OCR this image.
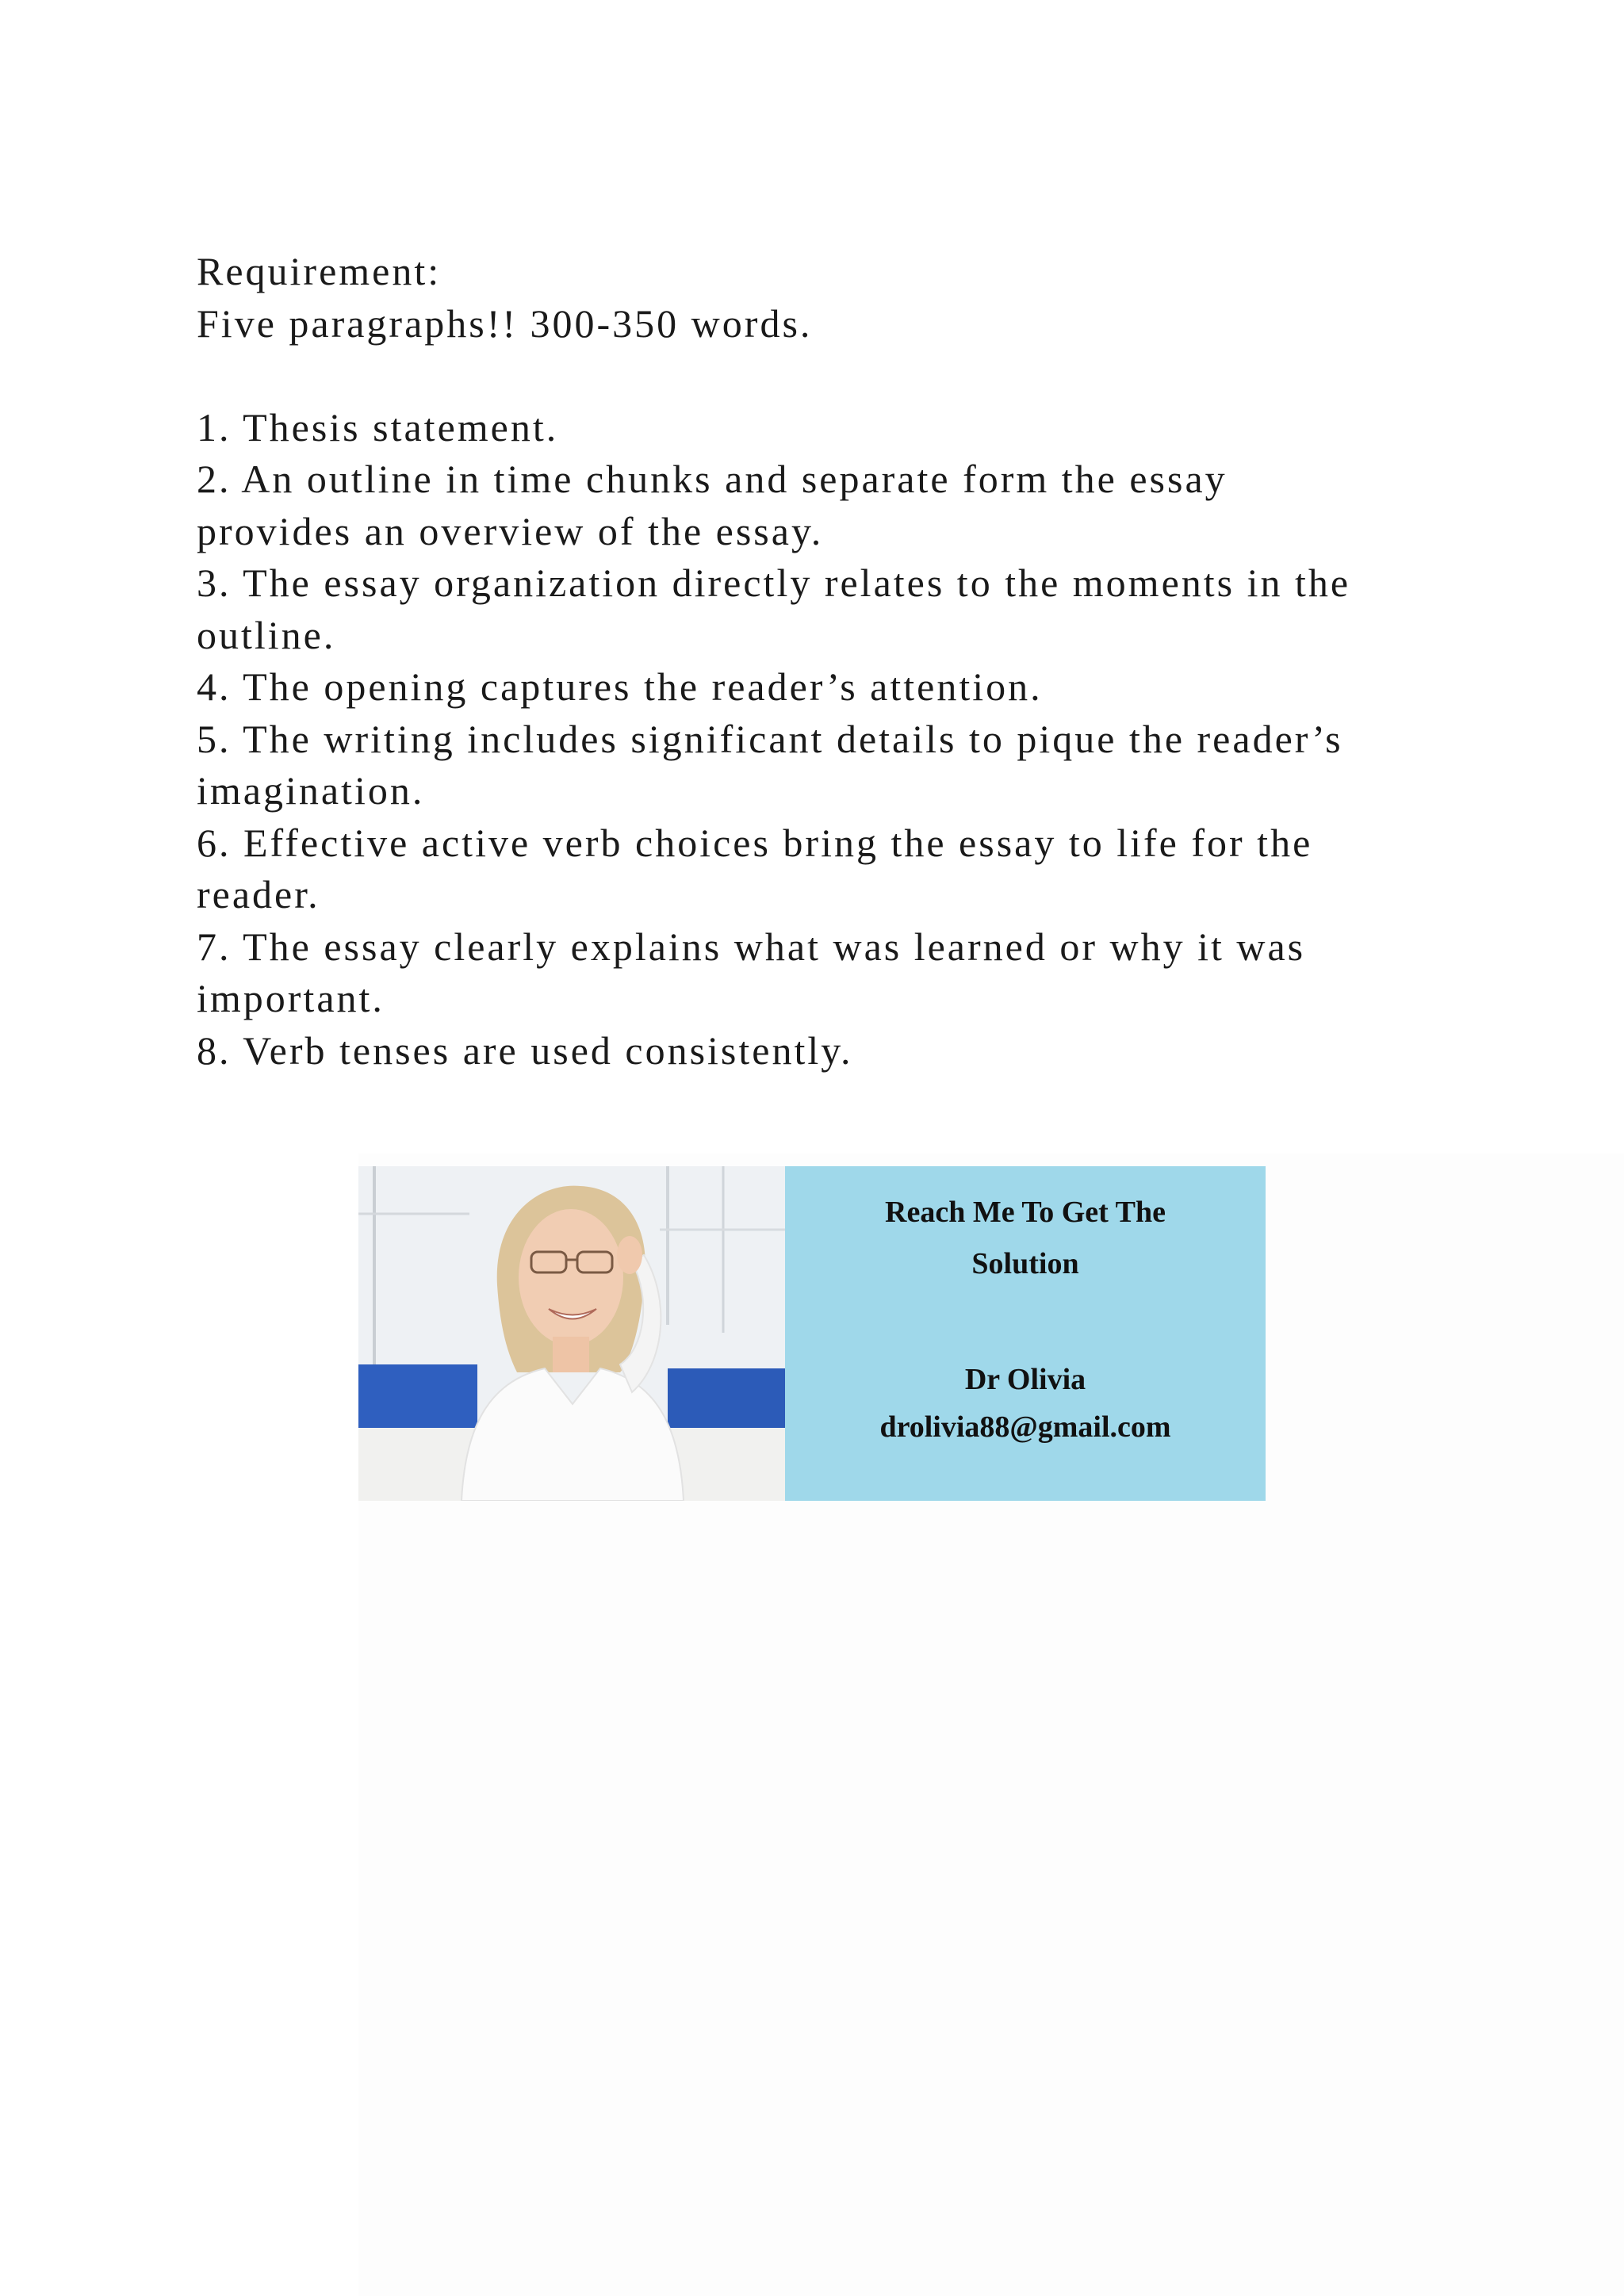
Requirement:
Five paragraphs!! 300-350 words.
1. Thesis statement.
2. An outline in time chunks and separate form the essay
provides an overview of the essay.
3. The essay organization directly relates to the moments in the
outline.
4. The opening captures the reader’s attention.
5. The writing includes significant details to pique the reader’s
imagination.
6. Effective active verb choices bring the essay to life for the
reader.
7. The essay clearly explains what was learned or why it was
important.
8. Verb tenses are used consistently.
Reach Me To Get The
Solution
Dr Olivia
drolivia88@gmail.com
